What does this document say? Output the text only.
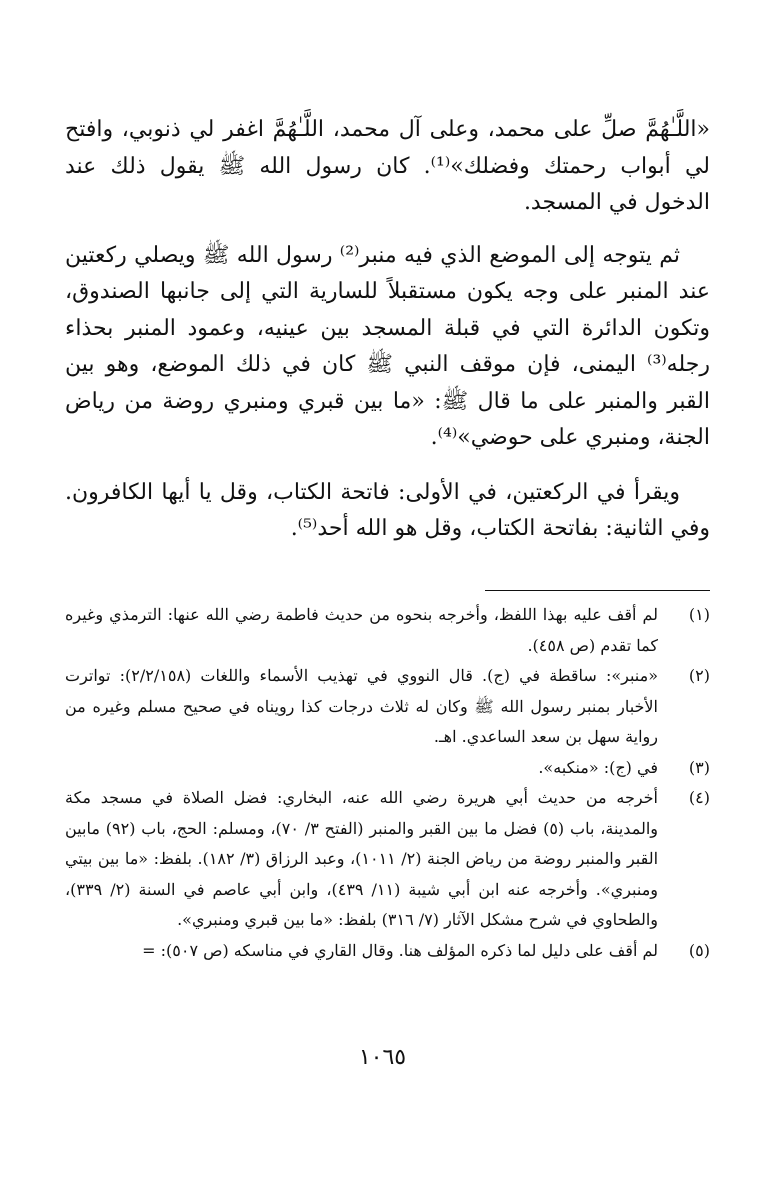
«اللَّـٰهُمَّ صلِّ على محمد، وعلى آل محمد، اللَّـٰهُمَّ اغفر لي ذنوبي، وافتح لي أبواب رحمتك وفضلك»⁽¹⁾. كان رسول الله ﷺ يقول ذلك عند الدخول في المسجد.

ثم يتوجه إلى الموضع الذي فيه منبر⁽²⁾ رسول الله ﷺ ويصلي ركعتين عند المنبر على وجه يكون مستقبلاً للسارية التي إلى جانبها الصندوق، وتكون الدائرة التي في قبلة المسجد بين عينيه، وعمود المنبر بحذاء رجله⁽³⁾ اليمنى، فإن موقف النبي ﷺ كان في ذلك الموضع، وهو بين القبر والمنبر على ما قال ﷺ: «ما بين قبري ومنبري روضة من رياض الجنة، ومنبري على حوضي»⁽⁴⁾.

ويقرأ في الركعتين، في الأولى: فاتحة الكتاب، وقل يا أيها الكافرون. وفي الثانية: بفاتحة الكتاب، وقل هو الله أحد⁽⁵⁾.

(١)
لم أقف عليه بهذا اللفظ، وأخرجه بنحوه من حديث فاطمة رضي الله عنها: الترمذي وغيره كما تقدم (ص ٤٥٨).
(٢)
«منبر»: ساقطة في (ج). قال النووي في تهذيب الأسماء واللغات (٢/٢/١٥٨): تواترت الأخبار بمنبر رسول الله ﷺ وكان له ثلاث درجات كذا رويناه في صحيح مسلم وغيره من رواية سهل بن سعد الساعدي. اهـ.
(٣)
في (ج): «منكبه».
(٤)
أخرجه من حديث أبي هريرة رضي الله عنه، البخاري: فضل الصلاة في مسجد مكة والمدينة، باب (٥) فضل ما بين القبر والمنبر (الفتح ٣/ ٧٠)، ومسلم: الحج، باب (٩٢) مابين القبر والمنبر روضة من رياض الجنة (٢/ ١٠١١)، وعبد الرزاق (٣/ ١٨٢). بلفظ: «ما بين بيتي ومنبري». وأخرجه عنه ابن أبي شيبة (١١/ ٤٣٩)، وابن أبي عاصم في السنة (٢/ ٣٣٩)، والطحاوي في شرح مشكل الآثار (٧/ ٣١٦) بلفظ: «ما بين قبري ومنبري».
(٥)
لم أقف على دليل لما ذكره المؤلف هنا. وقال القاري في مناسكه (ص ٥٠٧): =
١٠٦٥
